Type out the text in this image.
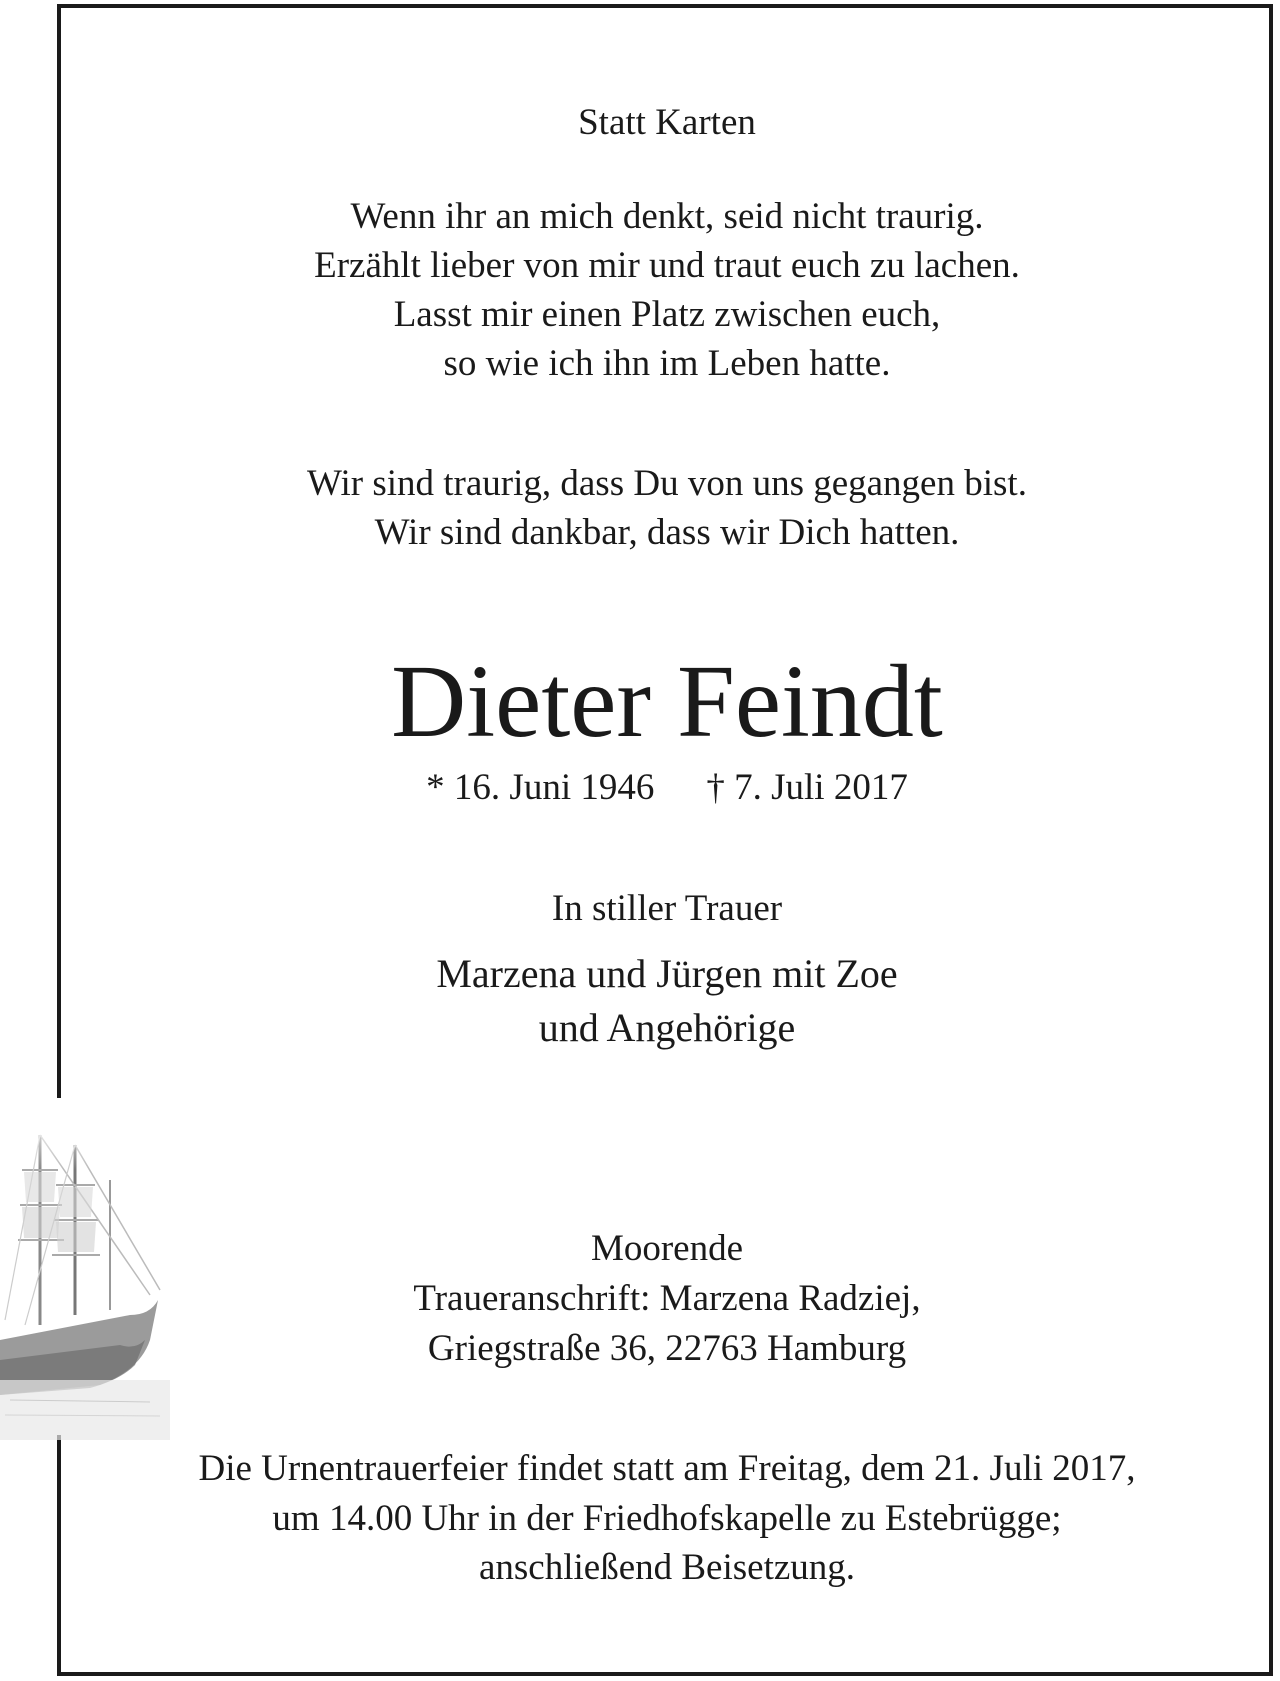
Statt Karten
Wenn ihr an mich denkt, seid nicht traurig.
Erzählt lieber von mir und traut euch zu lachen.
Lasst mir einen Platz zwischen euch,
so wie ich ihn im Leben hatte.
Wir sind traurig, dass Du von uns gegangen bist.
Wir sind dankbar, dass wir Dich hatten.
Dieter Feindt
* 16. Juni 1946 † 7. Juli 2017
In stiller Trauer
Marzena und Jürgen mit Zoe
und Angehörige
Moorende
Traueranschrift: Marzena Radziej,
Griegstraße 36, 22763 Hamburg
Die Urnentrauerfeier findet statt am Freitag, dem 21. Juli 2017,
um 14.00 Uhr in der Friedhofskapelle zu Estebrügge;
anschließend Beisetzung.
